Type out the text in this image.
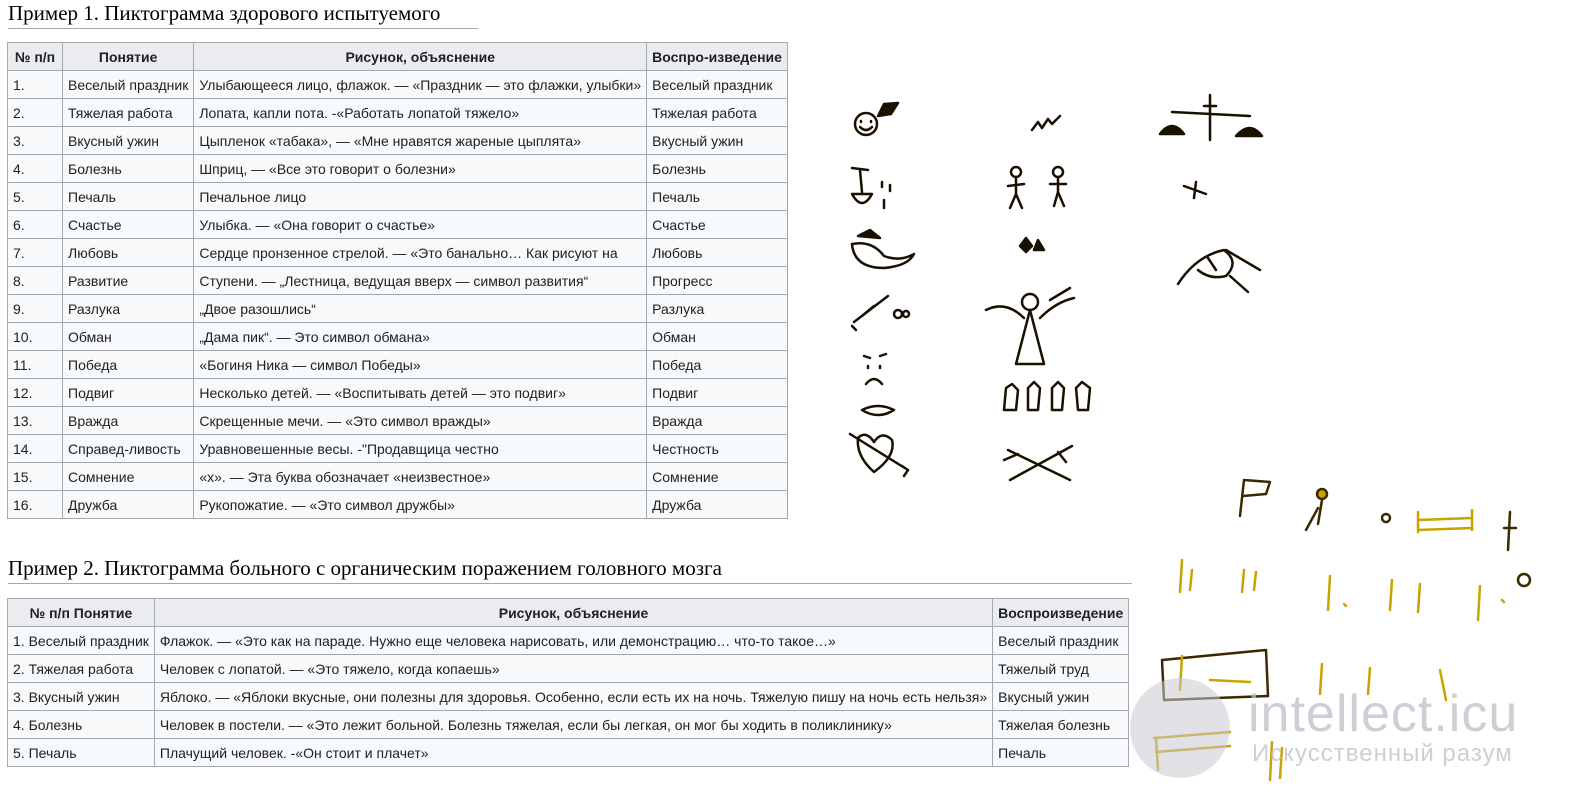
Пример 1. Пиктограмма здорового испытуемого
№ п/п	Понятие	Рисунок, объяснение	Воспро-изведение
1.	Веселый праздник	Улыбающееся лицо, флажок. — «Праздник — это флажки, улыбки»	Веселый праздник
2.	Тяжелая работа	Лопата, капли пота. -«Работать лопатой тяжело»	Тяжелая работа
3.	Вкусный ужин	Цыпленок «табака», — «Мне нравятся жареные цыплята»	Вкусный ужин
4.	Болезнь	Шприц, — «Все это говорит о болезни»	Болезнь
5.	Печаль	Печальное лицо	Печаль
6.	Счастье	Улыбка. — «Она говорит о счастье»	Счастье
7.	Любовь	Сердце пронзенное стрелой. — «Это банально… Как рисуют на	Любовь
8.	Развитие	Ступени. — „Лестница, ведущая вверх — символ развития“	Прогресс
9.	Разлука	„Двое разошлись“	Разлука
10.	Обман	„Дама пик“. — Это символ обмана»	Обман
11.	Победа	«Богиня Ника — символ Победы»	Победа
12.	Подвиг	Несколько детей. — «Воспитывать детей — это подвиг»	Подвиг
13.	Вражда	Скрещенные мечи. — «Это символ вражды»	Вражда
14.	Справед-ливость	Уравновешенные весы. -"Продавщица честно	Честность
15.	Сомнение	«х». — Эта буква обозначает «неизвестное»	Сомнение
16.	Дружба	Рукопожатие. — «Это символ дружбы»	Дружба
Пример 2. Пиктограмма больного с органическим поражением головного мозга
№ п/п Понятие	Рисунок, объяснение	Воспроизведение
1. Веселый праздник	Флажок. — «Это как на параде. Нужно еще человека нарисовать, или демонстрацию… что-то такое…»	Веселый праздник
2. Тяжелая работа	Человек с лопатой. — «Это тяжело, когда копаешь»	Тяжелый труд
3. Вкусный ужин	Яблоко. — «Яблоки вкусные, они полезны для здоровья. Особенно, если есть их на ночь. Тяжелую пишу на ночь есть нельзя»	Вкусный ужин
4. Болезнь	Человек в постели. — «Это лежит больной. Болезнь тяжелая, если бы легкая, он мог бы ходить в поликлинику»	Тяжелая болезнь
5. Печаль	Плачущий человек. -«Он стоит и плачет»	Печаль
intellect.icu
Искусственный разум
